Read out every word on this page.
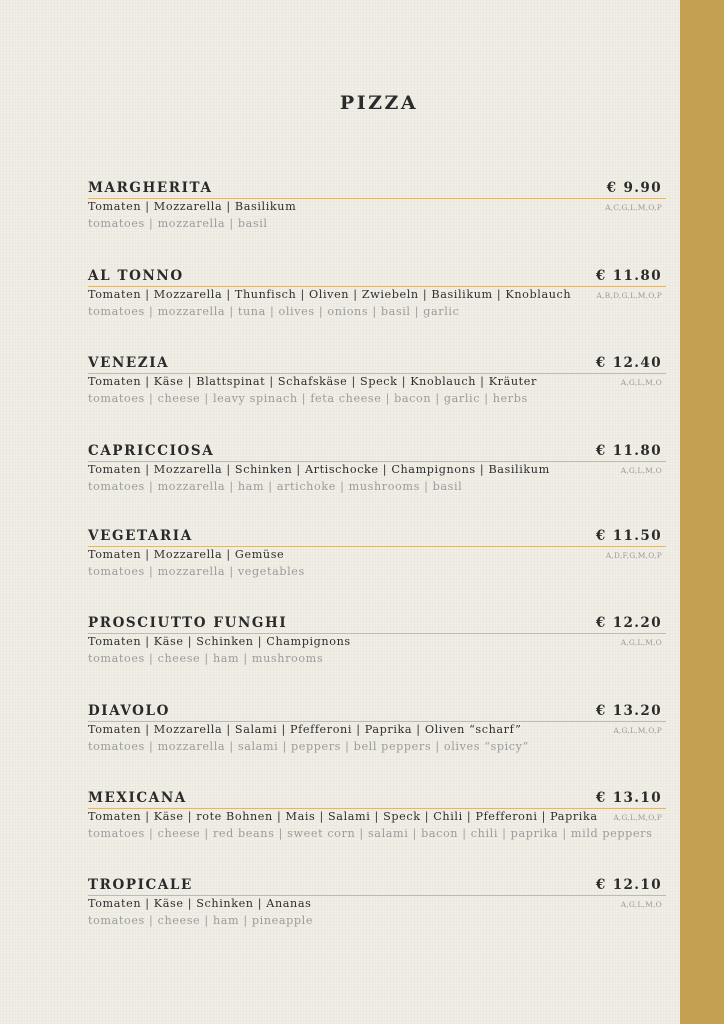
PIZZA
MARGHERITA	€ 9.90
Tomaten | Mozzarella | Basilikum
tomatoes | mozzarella | basil
A,C,G,L,M,O,P
AL TONNO	€ 11.80
Tomaten | Mozzarella | Thunfisch | Oliven | Zwiebeln | Basilikum | Knoblauch
tomatoes | mozzarella | tuna | olives | onions | basil | garlic
A,B,D,G,L,M,O,P
VENEZIA	€ 12.40
Tomaten | Käse | Blattspinat | Schafskäse | Speck | Knoblauch | Kräuter
tomatoes | cheese | leavy spinach | feta cheese | bacon | garlic | herbs
A,G,L,M,O
CAPRICCIOSA	€ 11.80
Tomaten | Mozzarella | Schinken | Artischocke | Champignons | Basilikum
tomatoes | mozzarella | ham | artichoke | mushrooms | basil
A,G,L,M,O
VEGETARIA	€ 11.50
Tomaten | Mozzarella | Gemüse
tomatoes | mozzarella | vegetables
A,D,F,G,M,O,P
PROSCIUTTO FUNGHI	€ 12.20
Tomaten | Käse | Schinken | Champignons
tomatoes | cheese | ham | mushrooms
A,G,L,M,O
DIAVOLO	€ 13.20
Tomaten | Mozzarella | Salami | Pfefferoni | Paprika | Oliven “scharf”
tomatoes | mozzarella | salami | peppers | bell peppers | olives “spicy”
A,G,L,M,O,P
MEXICANA	€ 13.10
Tomaten | Käse | rote Bohnen | Mais | Salami | Speck | Chili | Pfefferoni | Paprika
tomatoes | cheese | red beans | sweet corn | salami | bacon | chili | paprika | mild peppers
A,G,L,M,O,P
TROPICALE	€ 12.10
Tomaten | Käse | Schinken | Ananas
tomatoes | cheese | ham | pineapple
A,G,L,M,O
